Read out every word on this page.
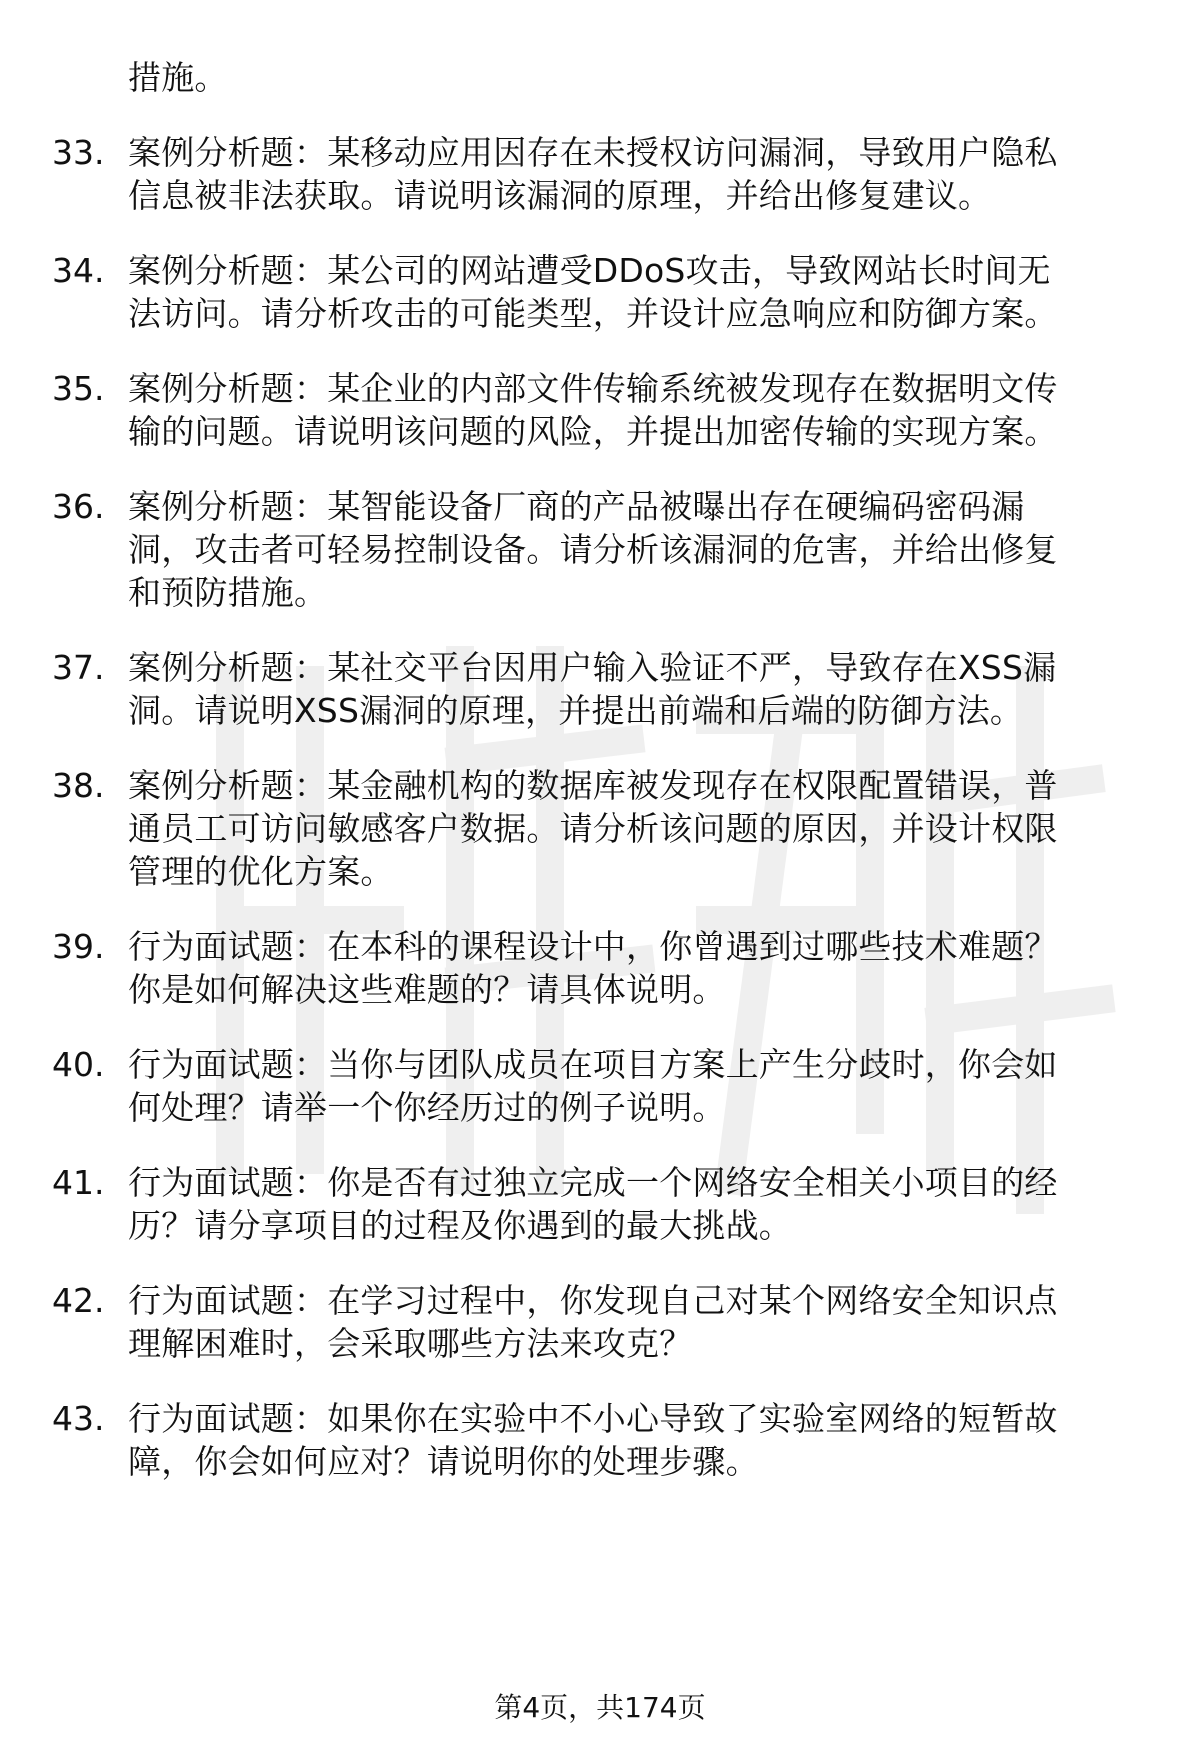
措施。
33. 案例分析题：某移动应用因存在未授权访问漏洞，导致用户隐私
信息被非法获取。请说明该漏洞的原理，并给出修复建议。
34. 案例分析题：某公司的网站遭受DDoS攻击，导致网站长时间无
法访问。请分析攻击的可能类型，并设计应急响应和防御方案。
35. 案例分析题：某企业的内部文件传输系统被发现存在数据明文传
输的问题。请说明该问题的风险，并提出加密传输的实现方案。
36. 案例分析题：某智能设备厂商的产品被曝出存在硬编码密码漏
洞，攻击者可轻易控制设备。请分析该漏洞的危害，并给出修复
和预防措施。
37. 案例分析题：某社交平台因用户输入验证不严，导致存在XSS漏
洞。请说明XSS漏洞的原理，并提出前端和后端的防御方法。
38. 案例分析题：某金融机构的数据库被发现存在权限配置错误，普
通员工可访问敏感客户数据。请分析该问题的原因，并设计权限
管理的优化方案。
39. 行为面试题：在本科的课程设计中，你曾遇到过哪些技术难题？
你是如何解决这些难题的？请具体说明。
40. 行为面试题：当你与团队成员在项目方案上产生分歧时，你会如
何处理？请举一个你经历过的例子说明。
41. 行为面试题：你是否有过独立完成一个网络安全相关小项目的经
历？请分享项目的过程及你遇到的最大挑战。
42. 行为面试题：在学习过程中，你发现自己对某个网络安全知识点
理解困难时，会采取哪些方法来攻克？
43. 行为面试题：如果你在实验中不小心导致了实验室网络的短暂故
障，你会如何应对？请说明你的处理步骤。
第4页，共174页
